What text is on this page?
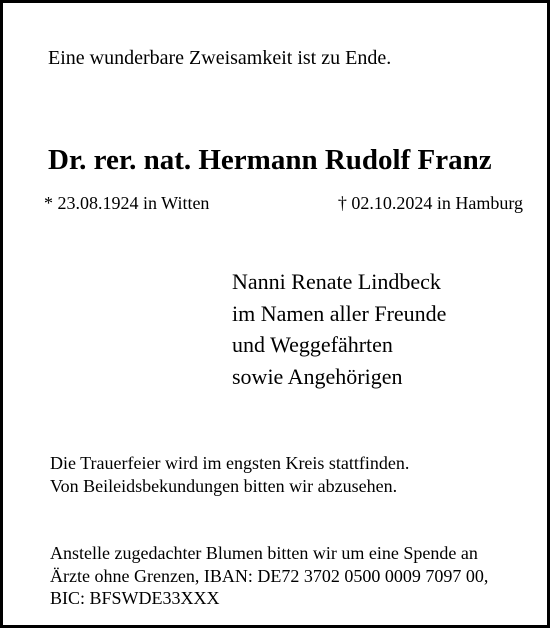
Eine wunderbare Zweisamkeit ist zu Ende.

Dr. rer. nat. Hermann Rudolf Franz

* 23.08.1924 in Witten	† 02.10.2024 in Hamburg
Nanni Renate Lindbeck
im Namen aller Freunde
und Weggefährten
sowie Angehörigen
Die Trauerfeier wird im engsten Kreis stattfinden.
Von Beileidsbekundungen bitten wir abzusehen.
Anstelle zugedachter Blumen bitten wir um eine Spende an
Ärzte ohne Grenzen, IBAN: DE72 3702 0500 0009 7097 00,
BIC: BFSWDE33XXX
